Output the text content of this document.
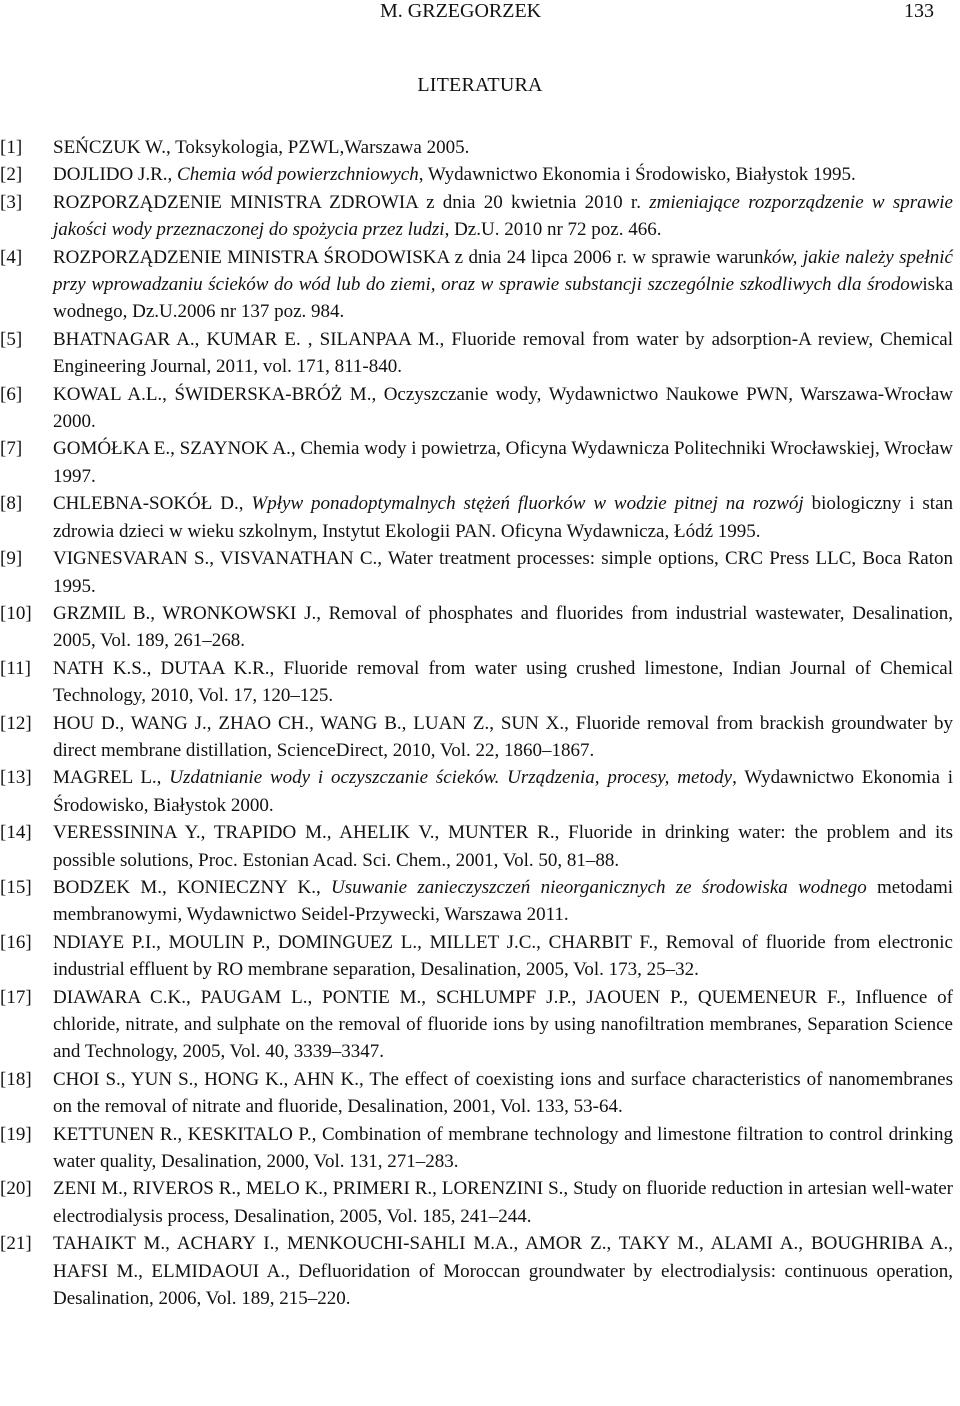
M. GRZEGORZEK	133
LITERATURA
[1] SEŃCZUK W., Toksykologia, PZWL,Warszawa 2005.
[2] DOJLIDO J.R., Chemia wód powierzchniowych, Wydawnictwo Ekonomia i Środowisko, Białystok 1995.
[3] ROZPORZĄDZENIE MINISTRA ZDROWIA z dnia 20 kwietnia 2010 r. zmieniające rozporządzenie w sprawie jakości wody przeznaczonej do spożycia przez ludzi, Dz.U. 2010 nr 72 poz. 466.
[4] ROZPORZĄDZENIE MINISTRA ŚRODOWISKA z dnia 24 lipca 2006 r. w sprawie warunków, jakie należy spełnić przy wprowadzaniu ścieków do wód lub do ziemi, oraz w sprawie substancji szczególnie szkodliwych dla środowiska wodnego, Dz.U.2006 nr 137 poz. 984.
[5] BHATNAGAR A., KUMAR E. , SILANPAA M., Fluoride removal from water by adsorption-A review, Chemical Engineering Journal, 2011, vol. 171, 811-840.
[6] KOWAL A.L., ŚWIDERSKA-BRÓŻ M., Oczyszczanie wody, Wydawnictwo Naukowe PWN, Warszawa-Wrocław 2000.
[7] GOMÓŁKA E., SZAYNOK A., Chemia wody i powietrza, Oficyna Wydawnicza Politechniki Wrocławskiej, Wrocław 1997.
[8] CHLEBNA-SOKÓŁ D., Wpływ ponadoptymalnych stężeń fluorków w wodzie pitnej na rozwój biologiczny i stan zdrowia dzieci w wieku szkolnym, Instytut Ekologii PAN. Oficyna Wydawnicza, Łódź 1995.
[9] VIGNESVARAN S., VISVANATHAN C., Water treatment processes: simple options, CRC Press LLC, Boca Raton 1995.
[10] GRZMIL B., WRONKOWSKI J., Removal of phosphates and fluorides from industrial wastewater, Desalination, 2005, Vol. 189, 261–268.
[11] NATH K.S., DUTAA K.R., Fluoride removal from water using crushed limestone, Indian Journal of Chemical Technology, 2010, Vol. 17, 120–125.
[12] HOU D., WANG J., ZHAO CH., WANG B., LUAN Z., SUN X., Fluoride removal from brackish groundwater by direct membrane distillation, ScienceDirect, 2010, Vol. 22, 1860–1867.
[13] MAGREL L., Uzdatnianie wody i oczyszczanie ścieków. Urządzenia, procesy, metody, Wydawnictwo Ekonomia i Środowisko, Białystok 2000.
[14] VERESSININA Y., TRAPIDO M., AHELIK V., MUNTER R., Fluoride in drinking water: the problem and its possible solutions, Proc. Estonian Acad. Sci. Chem., 2001, Vol. 50, 81–88.
[15] BODZEK M., KONIECZNY K., Usuwanie zanieczyszczeń nieorganicznych ze środowiska wodnego metodami membranowymi, Wydawnictwo Seidel-Przywecki, Warszawa 2011.
[16] NDIAYE P.I., MOULIN P., DOMINGUEZ L., MILLET J.C., CHARBIT F., Removal of fluoride from electronic industrial effluent by RO membrane separation, Desalination, 2005, Vol. 173, 25–32.
[17] DIAWARA C.K., PAUGAM L., PONTIE M., SCHLUMPF J.P., JAOUEN P., QUEMENEUR F., Influence of chloride, nitrate, and sulphate on the removal of fluoride ions by using nanofiltration membranes, Separation Science and Technology, 2005, Vol. 40, 3339–3347.
[18] CHOI S., YUN S., HONG K., AHN K., The effect of coexisting ions and surface characteristics of nanomembranes on the removal of nitrate and fluoride, Desalination, 2001, Vol. 133, 53-64.
[19] KETTUNEN R., KESKITALO P., Combination of membrane technology and limestone filtration to control drinking water quality, Desalination, 2000, Vol. 131, 271–283.
[20] ZENI M., RIVEROS R., MELO K., PRIMERI R., LORENZINI S., Study on fluoride reduction in artesian well-water electrodialysis process, Desalination, 2005, Vol. 185, 241–244.
[21] TAHAIKT M., ACHARY I., MENKOUCHI-SAHLI M.A., AMOR Z., TAKY M., ALAMI A., BOUGHRIBA A., HAFSI M., ELMIDAOUI A., Defluoridation of Moroccan groundwater by electrodialysis: continuous operation, Desalination, 2006, Vol. 189, 215–220.
